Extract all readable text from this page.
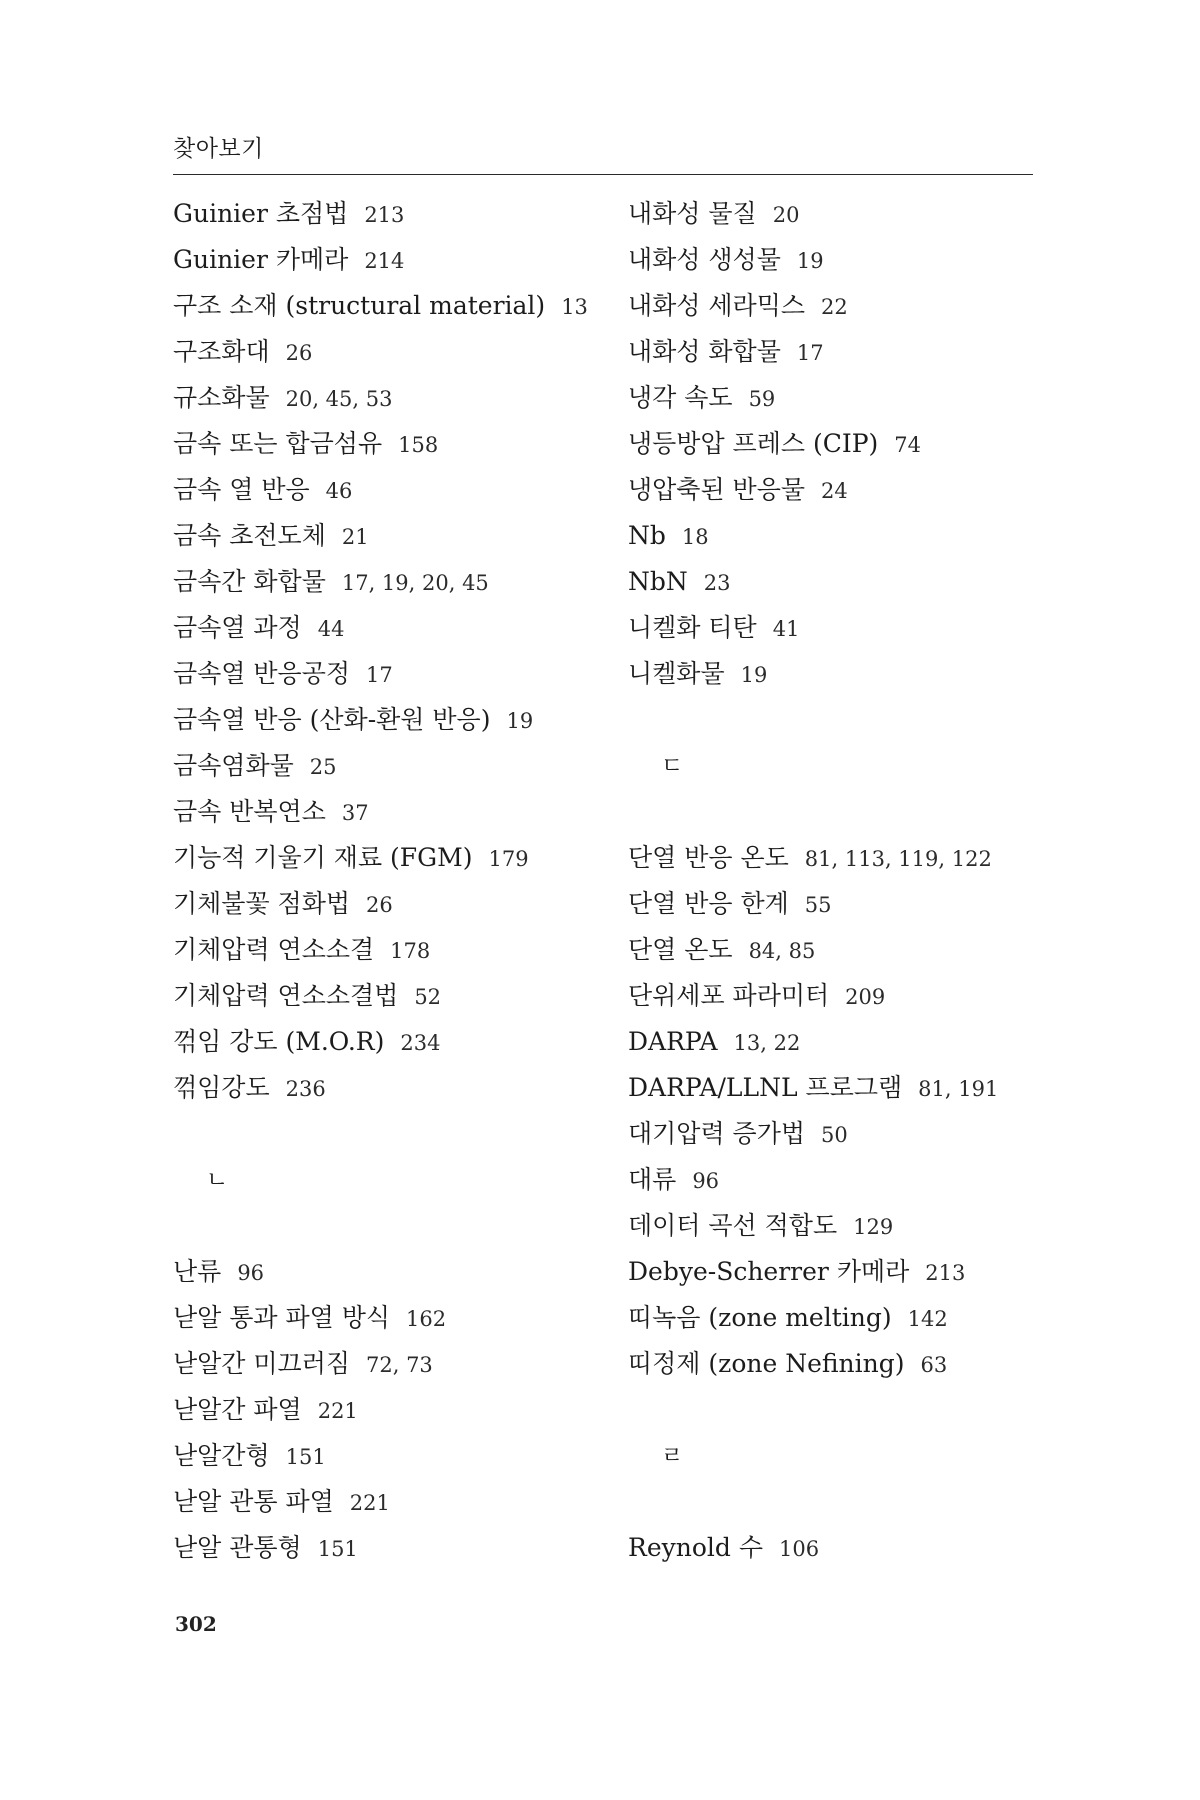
찾아보기
Guinier 초점법 213
Guinier 카메라 214
구조 소재 (structural material) 13
구조화대 26
규소화물 20, 45, 53
금속 또는 합금섬유 158
금속 열 반응 46
금속 초전도체 21
금속간 화합물 17, 19, 20, 45
금속열 과정 44
금속열 반응공정 17
금속열 반응 (산화-환원 반응) 19
금속염화물 25
금속 반복연소 37
기능적 기울기 재료 (FGM) 179
기체불꽃 점화법 26
기체압력 연소소결 178
기체압력 연소소결법 52
꺾임 강도 (M.O.R) 234
꺾임강도 236
ㄴ
난류 96
낟알 통과 파열 방식 162
낟알간 미끄러짐 72, 73
낟알간 파열 221
낟알간형 151
낟알 관통 파열 221
낟알 관통형 151
내화성 물질 20
내화성 생성물 19
내화성 세라믹스 22
내화성 화합물 17
냉각 속도 59
냉등방압 프레스 (CIP) 74
냉압축된 반응물 24
Nb 18
NbN 23
니켈화 티탄 41
니켈화물 19
ㄷ
단열 반응 온도 81, 113, 119, 122
단열 반응 한계 55
단열 온도 84, 85
단위세포 파라미터 209
DARPA 13, 22
DARPA/LLNL 프로그램 81, 191
대기압력 증가법 50
대류 96
데이터 곡선 적합도 129
Debye-Scherrer 카메라 213
띠녹음 (zone melting) 142
띠정제 (zone Nefining) 63
ㄹ
Reynold 수 106
302
